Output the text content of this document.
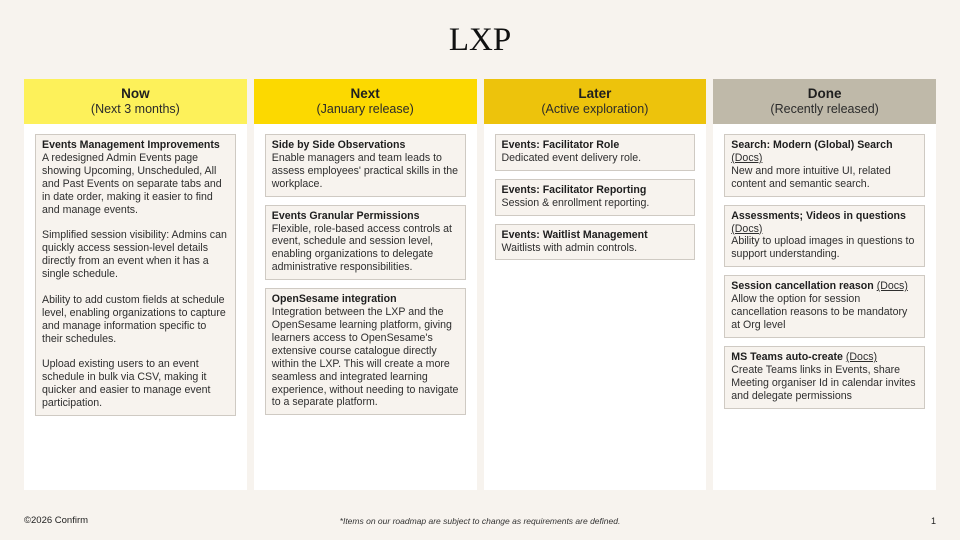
LXP
Now
(Next 3 months)
Events Management Improvements
A redesigned Admin Events page showing Upcoming, Unscheduled, All and Past Events on separate tabs and in date order, making it easier to find and manage events.
Simplified session visibility: Admins can quickly access session-level details directly from an event when it has a single schedule.
Ability to add custom fields at schedule level, enabling organizations to capture and manage information specific to their schedules.
Upload existing users to an event schedule in bulk via CSV, making it quicker and easier to manage event participation.
Next
(January release)
Side by Side Observations
Enable managers and team leads to assess employees' practical skills in the workplace.
Events Granular Permissions
Flexible, role-based access controls at event, schedule and session level, enabling organizations to delegate administrative responsibilities.
OpenSesame integration
Integration between the LXP and the OpenSesame learning platform, giving learners access to OpenSesame's extensive course catalogue directly within the LXP. This will create a more seamless and integrated learning experience, without needing to navigate to a separate platform.
Later
(Active exploration)
Events: Facilitator Role
Dedicated event delivery role.
Events: Facilitator Reporting
Session & enrollment reporting.
Events: Waitlist Management
Waitlists with admin controls.
Done
(Recently released)
Search: Modern (Global) Search
(Docs)
New and more intuitive UI, related content and semantic search.
Assessments; Videos in questions
(Docs)
Ability to upload images in questions to support understanding.
Session cancellation reason (Docs)
Allow the option for session cancellation reasons to be mandatory at Org level
MS Teams auto-create (Docs)
Create Teams links in Events, share Meeting organiser Id in calendar invites and delegate permissions
©2026 Confirm	*Items on our roadmap are subject to change as requirements are defined.	1
